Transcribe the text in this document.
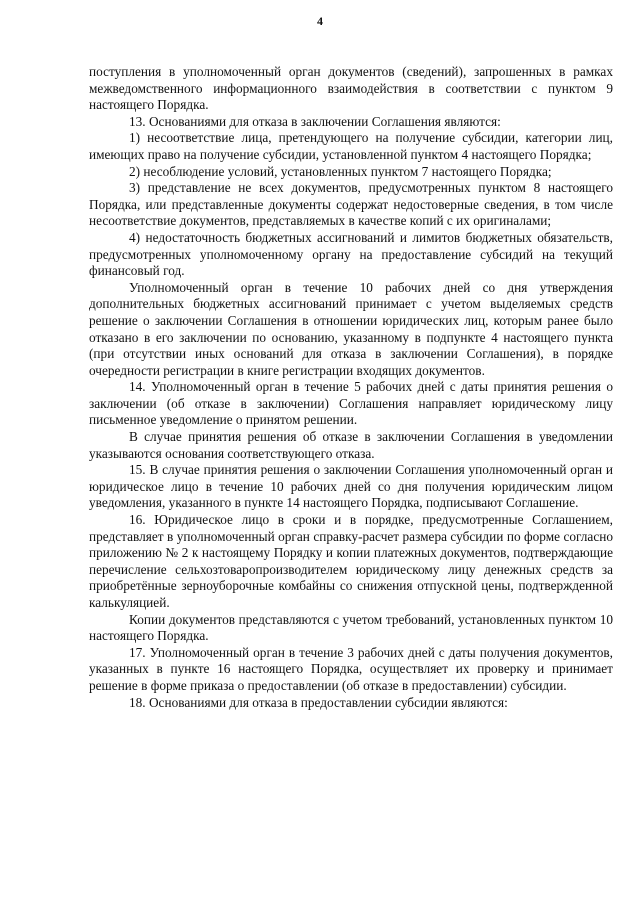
4

поступления в уполномоченный орган документов (сведений), запрошенных в рамках межведомственного информационного взаимодействия в соответствии с пунктом 9 настоящего Порядка.

13. Основаниями для отказа в заключении Соглашения являются:

1) несоответствие лица, претендующего на получение субсидии, категории лиц, имеющих право на получение субсидии, установленной пунктом 4 настоящего Порядка;

2) несоблюдение условий, установленных пунктом 7 настоящего Порядка;

3) представление не всех документов, предусмотренных пунктом 8 настоящего Порядка, или представленные документы содержат недостоверные сведения, в том числе несоответствие документов, представляемых в качестве копий с их оригиналами;

4) недостаточность бюджетных ассигнований и лимитов бюджетных обязательств, предусмотренных уполномоченному органу на предоставление субсидий на текущий финансовый год.

Уполномоченный орган в течение 10 рабочих дней со дня утверждения дополнительных бюджетных ассигнований принимает с учетом выделяемых средств решение о заключении Соглашения в отношении юридических лиц, которым ранее было отказано в его заключении по основанию, указанному в подпункте 4 настоящего пункта (при отсутствии иных оснований для отказа в заключении Соглашения), в порядке очередности регистрации в книге регистрации входящих документов.

14. Уполномоченный орган в течение 5 рабочих дней с даты принятия решения о заключении (об отказе в заключении) Соглашения направляет юридическому лицу письменное уведомление о принятом решении.

В случае принятия решения об отказе в заключении Соглашения в уведомлении указываются основания соответствующего отказа.

15. В случае принятия решения о заключении Соглашения уполномоченный орган и юридическое лицо в течение 10 рабочих дней со дня получения юридическим лицом уведомления, указанного в пункте 14 настоящего Порядка, подписывают Соглашение.

16. Юридическое лицо в сроки и в порядке, предусмотренные Соглашением, представляет в уполномоченный орган справку-расчет размера субсидии по форме согласно приложению № 2 к настоящему Порядку и копии платежных документов, подтверждающие перечисление сельхозтоваропроизводителем юридическому лицу денежных средств за приобретённые зерноуборочные комбайны со снижения отпускной цены, подтвержденной калькуляцией.

Копии документов представляются с учетом требований, установленных пунктом 10 настоящего Порядка.

17. Уполномоченный орган в течение 3 рабочих дней с даты получения документов, указанных в пункте 16 настоящего Порядка, осуществляет их проверку и принимает решение в форме приказа о предоставлении (об отказе в предоставлении) субсидии.

18. Основаниями для отказа в предоставлении субсидии являются:
